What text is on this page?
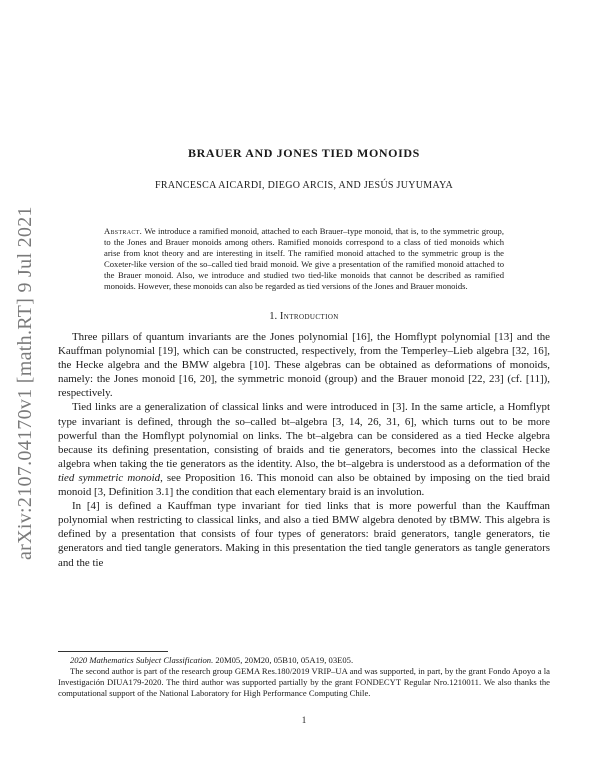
arXiv:2107.04170v1 [math.RT] 9 Jul 2021
BRAUER AND JONES TIED MONOIDS
FRANCESCA AICARDI, DIEGO ARCIS, AND JESÚS JUYUMAYA
Abstract. We introduce a ramified monoid, attached to each Brauer–type monoid, that is, to the symmetric group, to the Jones and Brauer monoids among others. Ramified monoids correspond to a class of tied monoids which arise from knot theory and are interesting in itself. The ramified monoid attached to the symmetric group is the Coxeter-like version of the so–called tied braid monoid. We give a presentation of the ramified monoid attached to the Brauer monoid. Also, we introduce and studied two tied-like monoids that cannot be described as ramified monoids. However, these monoids can also be regarded as tied versions of the Jones and Brauer monoids.
1. Introduction

Three pillars of quantum invariants are the Jones polynomial [16], the Homflypt polynomial [13] and the Kauffman polynomial [19], which can be constructed, respectively, from the Temperley–Lieb algebra [32, 16], the Hecke algebra and the BMW algebra [10]. These algebras can be obtained as deformations of monoids, namely: the Jones monoid [16, 20], the symmetric monoid (group) and the Brauer monoid [22, 23] (cf. [11]), respectively.

Tied links are a generalization of classical links and were introduced in [3]. In the same article, a Homflypt type invariant is defined, through the so–called bt–algebra [3, 14, 26, 31, 6], which turns out to be more powerful than the Homflypt polynomial on links. The bt–algebra can be considered as a tied Hecke algebra because its defining presentation, consisting of braids and tie generators, becomes into the classical Hecke algebra when taking the tie generators as the identity. Also, the bt–algebra is understood as a deformation of the tied symmetric monoid, see Proposition 16. This monoid can also be obtained by imposing on the tied braid monoid [3, Definition 3.1] the condition that each elementary braid is an involution.

In [4] is defined a Kauffman type invariant for tied links that is more powerful than the Kauffman polynomial when restricting to classical links, and also a tied BMW algebra denoted by tBMW. This algebra is defined by a presentation that consists of four types of generators: braid generators, tangle generators, tie generators and tied tangle generators. Making in this presentation the tied tangle generators as tangle generators and the tie

2020 Mathematics Subject Classification. 20M05, 20M20, 05B10, 05A19, 03E05.

The second author is part of the research group GEMA Res.180/2019 VRIP–UA and was supported, in part, by the grant Fondo Apoyo a la Investigación DIUA179-2020. The third author was supported partially by the grant FONDECYT Regular Nro.1210011. We also thanks the computational support of the National Laboratory for High Performance Computing Chile.

1
